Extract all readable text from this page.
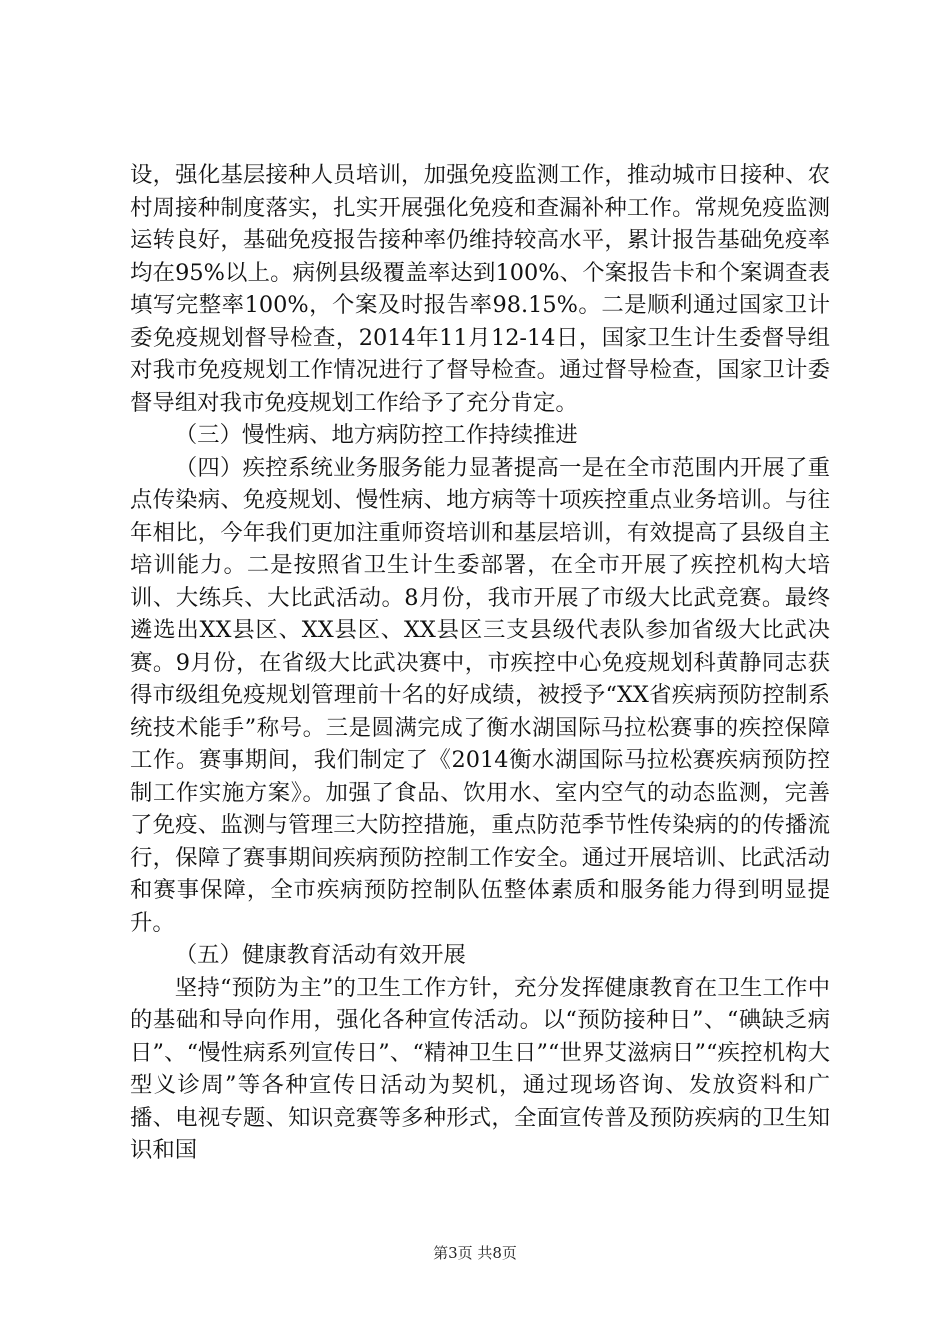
设，强化基层接种人员培训，加强免疫监测工作，推动城市日接种、农村周接种制度落实，扎实开展强化免疫和查漏补种工作。常规免疫监测运转良好，基础免疫报告接种率仍维持较高水平，累计报告基础免疫率均在95%以上。病例县级覆盖率达到100%、个案报告卡和个案调查表填写完整率100%，个案及时报告率98.15%。二是顺利通过国家卫计委免疫规划督导检查，2014年11月12-14日，国家卫生计生委督导组对我市免疫规划工作情况进行了督导检查。通过督导检查，国家卫计委督导组对我市免疫规划工作给予了充分肯定。

（三）慢性病、地方病防控工作持续推进

（四）疾控系统业务服务能力显著提高一是在全市范围内开展了重点传染病、免疫规划、慢性病、地方病等十项疾控重点业务培训。与往年相比，今年我们更加注重师资培训和基层培训，有效提高了县级自主培训能力。二是按照省卫生计生委部署，在全市开展了疾控机构大培训、大练兵、大比武活动。8月份，我市开展了市级大比武竞赛。最终遴选出XX县区、XX县区、XX县区三支县级代表队参加省级大比武决赛。9月份，在省级大比武决赛中，市疾控中心免疫规划科黄静同志获得市级组免疫规划管理前十名的好成绩，被授予“XX省疾病预防控制系统技术能手”称号。三是圆满完成了衡水湖国际马拉松赛事的疾控保障工作。赛事期间，我们制定了《2014衡水湖国际马拉松赛疾病预防控制工作实施方案》。加强了食品、饮用水、室内空气的动态监测，完善了免疫、监测与管理三大防控措施，重点防范季节性传染病的的传播流行，保障了赛事期间疾病预防控制工作安全。通过开展培训、比武活动和赛事保障，全市疾病预防控制队伍整体素质和服务能力得到明显提升。

（五）健康教育活动有效开展

坚持“预防为主”的卫生工作方针，充分发挥健康教育在卫生工作中的基础和导向作用，强化各种宣传活动。以“预防接种日”、“碘缺乏病日”、“慢性病系列宣传日”、“精神卫生日”“世界艾滋病日”“疾控机构大型义诊周”等各种宣传日活动为契机，通过现场咨询、发放资料和广播、电视专题、知识竞赛等多种形式，全面宣传普及预防疾病的卫生知识和国

第3页 共8页
